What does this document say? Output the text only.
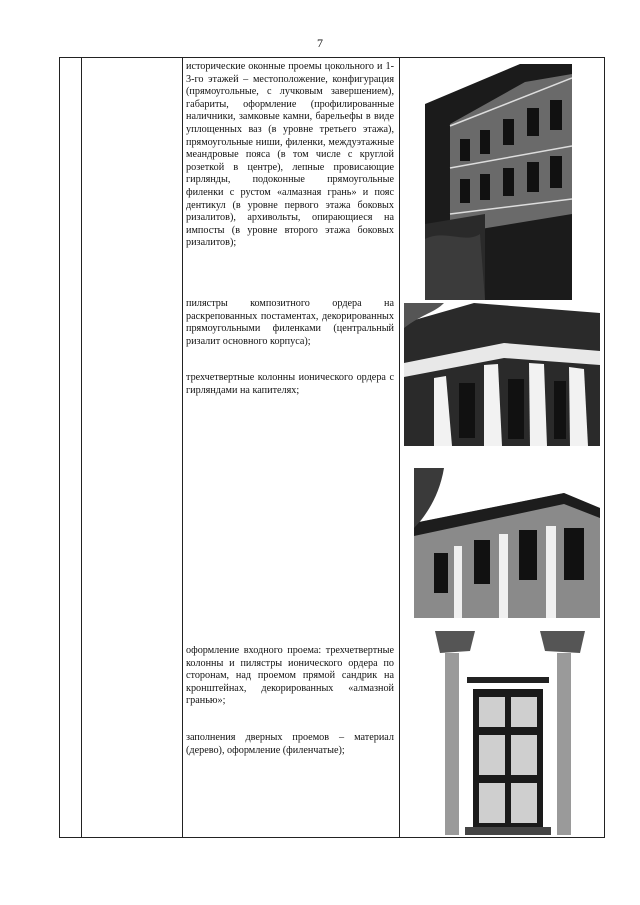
7
исторические оконные проемы цокольного и 1-3-го этажей – местоположение, конфигурация (прямоугольные, с лучковым завершением), габариты, оформление (профилированные наличники, замковые камни, барельефы в виде уплощенных ваз (в уровне третьего этажа), прямоугольные ниши, филенки, междуэтажные меандровые пояса (в том числе с круглой розеткой в центре), лепные провисающие гирлянды, подоконные прямоугольные филенки с рустом «алмазная грань» и пояс дентикул (в уровне первого этажа боковых ризалитов), архивольты, опирающиеся на импосты (в уровне второго этажа боковых ризалитов);
пилястры композитного ордера на раскрепованных постаментах, декорированных прямоугольными филенками (центральный ризалит основного корпуса);
трехчетвертные колонны ионического ордера с гирляндами на капителях;
оформление входного проема: трехчетвертные колонны и пилястры ионического ордера по сторонам, над проемом прямой сандрик на кронштейнах, декорированных «алмазной гранью»;
заполнения дверных проемов – материал (дерево), оформление (филенчатые);
